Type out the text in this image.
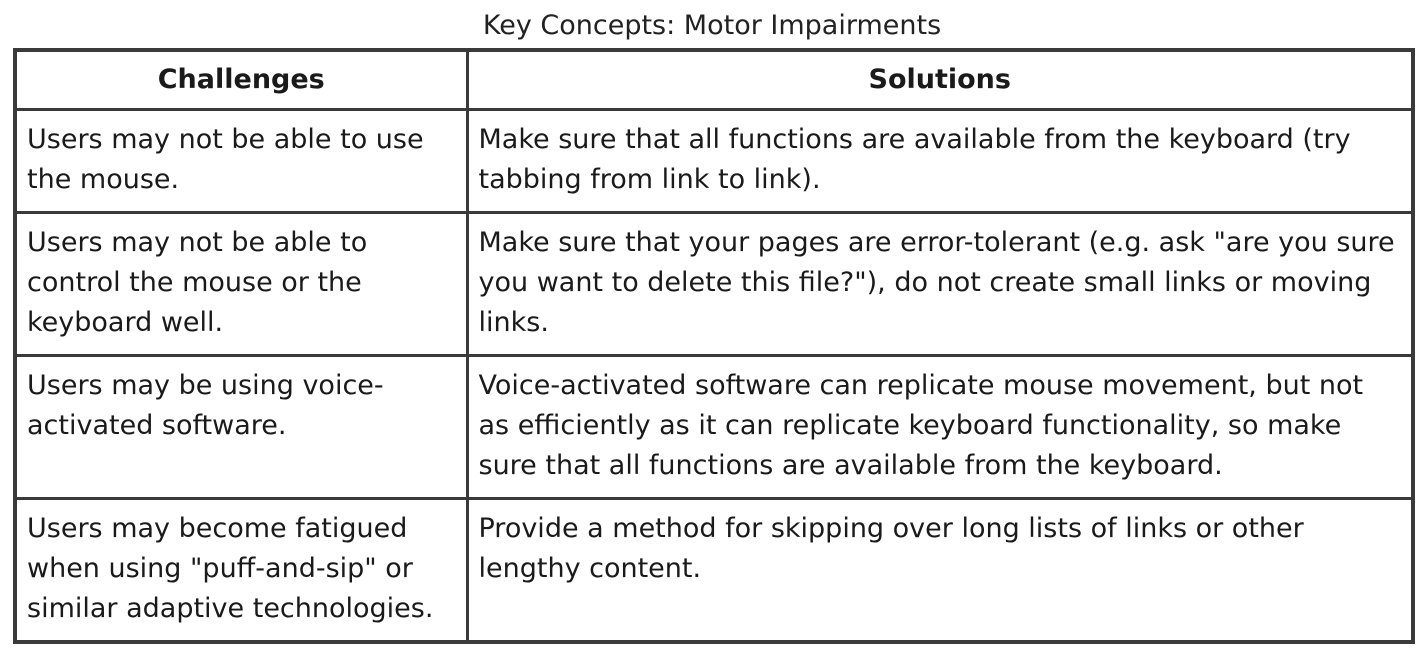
Key Concepts: Motor Impairments
Challenges	Solutions
Users may not be able to use the mouse.	Make sure that all functions are available from the keyboard (try tabbing from link to link).
Users may not be able to control the mouse or the keyboard well.	Make sure that your pages are error-tolerant (e.g. ask "are you sure you want to delete this file?"), do not create small links or moving links.
Users may be using voice-activated software.	Voice-activated software can replicate mouse movement, but not as efficiently as it can replicate keyboard functionality, so make sure that all functions are available from the keyboard.
Users may become fatigued when using "puff-and-sip" or similar adaptive technologies.	Provide a method for skipping over long lists of links or other lengthy content.
